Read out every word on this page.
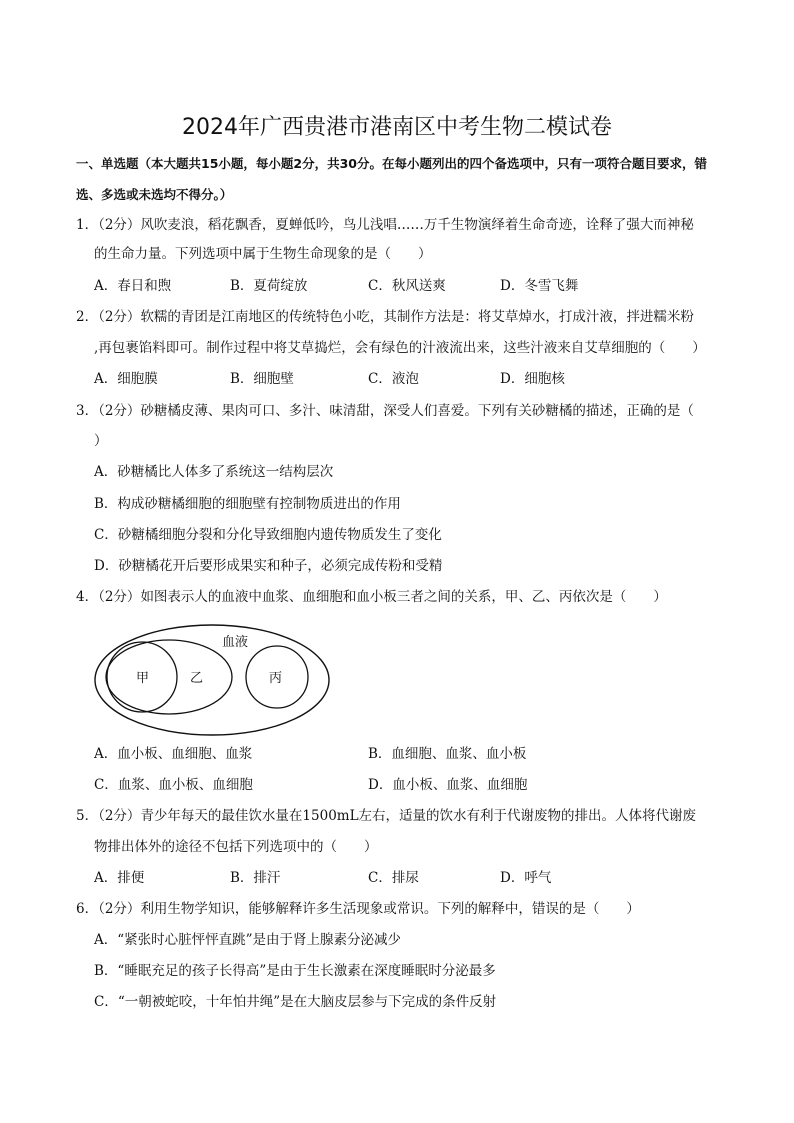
2024年广西贵港市港南区中考生物二模试卷
一、单选题（本大题共15小题，每小题2分，共30分。在每小题列出的四个备选项中，只有一项符合题目要求，错选、多选或未选均不得分。）
1．（2分）风吹麦浪，稻花飘香，夏蝉低吟，鸟儿浅唱……万千生物演绎着生命奇迹，诠释了强大而神秘
的生命力量。下列选项中属于生物生命现象的是（　　）
A．春日和煦	B．夏荷绽放	C．秋风送爽	D．冬雪飞舞
2．（2分）软糯的青团是江南地区的传统特色小吃，其制作方法是：将艾草焯水，打成汁液，拌进糯米粉
,再包裹馅料即可。制作过程中将艾草捣烂，会有绿色的汁液流出来，这些汁液来自艾草细胞的（　　）
A．细胞膜	B．细胞壁	C．液泡	D．细胞核
3．（2分）砂糖橘皮薄、果肉可口、多汁、味清甜，深受人们喜爱。下列有关砂糖橘的描述，正确的是（
）
A．砂糖橘比人体多了系统这一结构层次
B．构成砂糖橘细胞的细胞壁有控制物质进出的作用
C．砂糖橘细胞分裂和分化导致细胞内遗传物质发生了变化
D．砂糖橘花开后要形成果实和种子，必须完成传粉和受精
4．（2分）如图表示人的血液中血浆、血细胞和血小板三者之间的关系，甲、乙、丙依次是（　　）
血液
甲	乙	丙
A．血小板、血细胞、血浆	B．血细胞、血浆、血小板
C．血浆、血小板、血细胞	D．血小板、血浆、血细胞
5．（2分）青少年每天的最佳饮水量在1500mL左右，适量的饮水有利于代谢废物的排出。人体将代谢废
物排出体外的途径不包括下列选项中的（　　）
A．排便	B．排汗	C．排尿	D．呼气
6．（2分）利用生物学知识，能够解释许多生活现象或常识。下列的解释中，错误的是（　　）
A．“紧张时心脏怦怦直跳”是由于肾上腺素分泌减少
B．“睡眠充足的孩子长得高”是由于生长激素在深度睡眠时分泌最多
C．“一朝被蛇咬，十年怕井绳”是在大脑皮层参与下完成的条件反射
